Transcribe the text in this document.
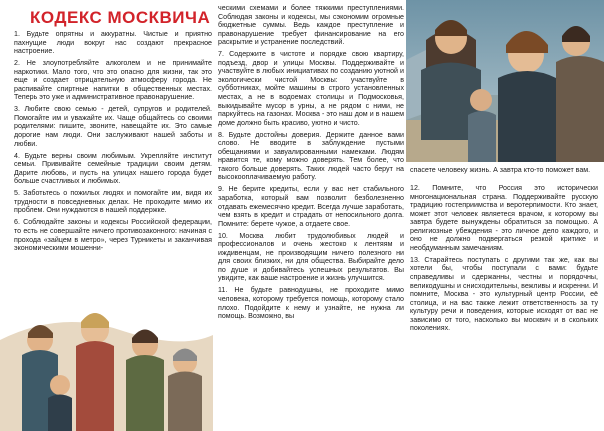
КОДЕКС МОСКВИЧА

1. Будьте опрятны и аккуратны. Чистые и приятно пахнущие люди вокруг нас создают прекрасное настроение.

2. Не злоупотребляйте алкоголем и не принимайте наркотики. Мало того, что это опасно для жизни, так это еще и создает отрицательную атмосферу города. Не распивайте спиртные напитки в общественных местах. Теперь это уже и административное правонарушение.

3. Любите свою семью - детей, супругов и родителей. Помогайте им и уважайте их. Чаще общайтесь со своими родителями: пишите, звоните, навещайте их. Это самые дорогие нам люди. Они заслуживают нашей заботы и любви.

4. Будьте верны своим любимым. Укрепляйте институт семьи. Прививайте семейные традиции своим детям. Дарите любовь, и пусть на улицах нашего города будет больше счастливых и любимых.

5. Заботьтесь о пожилых людях и помогайте им, видя их трудности в повседневных делах. Не проходите мимо их проблем. Они нуждаются в нашей поддержке.

6. Соблюдайте законы и кодексы Российской федерации, то есть не совершайте ничего противозаконного: начиная с прохода «зайцем в метро», через Турникеты и заканчивая экономическими мошенни-

ческими схемами и более тяжкими преступлениями. Соблюдая законы и кодексы, мы сэкономим огромные бюджетные суммы. Ведь каждое преступление и правонарушение требует финансирование на его раскрытие и устранение последствий.

7. Содержите в чистоте и порядке свою квартиру, подъезд, двор и улицы Москвы. Поддерживайте и участвуйте в любых инициативах по созданию уютной и экологически чистой Москвы: участвуйте в субботниках, мойте машины в строго установленных местах, а не в водоемах столицы и Подмосковья, выкидывайте мусор в урны, а не рядом с ними, не паркуйтесь на газонах. Москва - это наш дом и в нашем доме должно быть красиво, уютно и чисто.

8. Будьте достойны доверия. Держите данное вами слово. Не вводите в заблуждение пустыми обещаниями и завуалированными намеками. Людям нравится те, кому можно доверять. Тем более, что такого больше доверять. Таких людей часто берут на высокооплачиваемую работу.

9. Не берите кредиты, если у вас нет стабильного заработка, который вам позволит безболезненно отдавать ежемесячно кредит. Всегда лучше заработать, чем взять в кредит и страдать от непосильного долга. Помните: берете чужое, а отдаете свое.

10. Москва любит трудолюбивых людей и профессионалов и очень жестоко к лентяям и иждивенцам, не производящим ничего полезного ни для своих близких, ни для общества. Выбирайте дело по душе и добивайтесь успешных результатов. Вы увидите, как ваше настроение и жизнь улучшится.

11. Не будьте равнодушны, не проходите мимо человека, которому требуется помощь, которому стало плохо. Подойдите к нему и узнайте, не нужна ли помощь. Возможно, вы

спасете человеку жизнь. А завтра кто-то поможет вам.

12. Помните, что Россия это исторически многонациональная страна. Поддерживайте русскую традицию гостеприимства и веротерпимости. Кто знает, может этот человек являетеся врачом, к которому вы завтра будете вынуждены обратиться за помощью. А религиозные убеждения - это личное дело каждого, и оно не должно подвергаться резкой критике и необдуманным замечаниям.

13. Старайтесь поступать с другими так же, как вы хотели бы, чтобы поступали с вами: будьте справедливы и сдержанны, честны и порядочны, великодушны и снисходительны, вежливы и искренни. И помните, Москва - это культурный центр России, её столица, и на вас также лежит ответственность за ту культуру речи и поведения, которые исходят от вас не зависимо от того, насколько вы москвич и в скольких поколениях.
